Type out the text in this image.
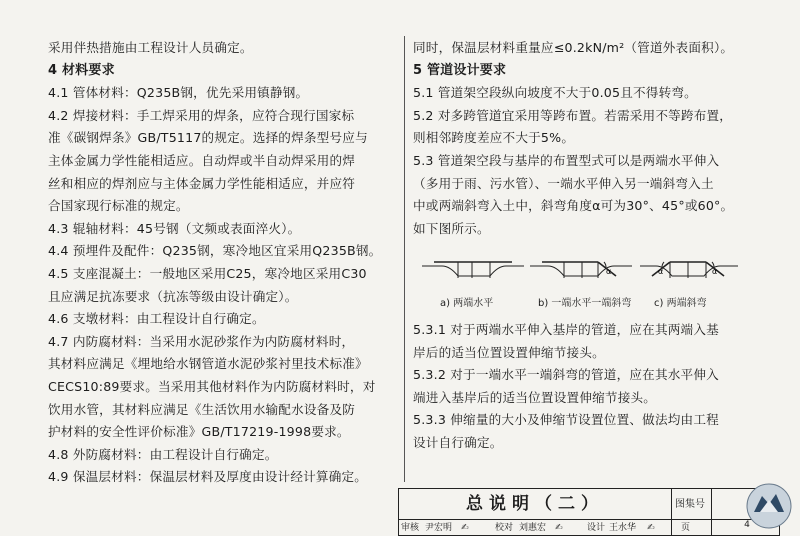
采用伴热措施由工程设计人员确定。
4 材料要求
4.1 管体材料：Q235B钢，优先采用镇静钢。
4.2 焊接材料：手工焊采用的焊条，应符合现行国家标
准《碳钢焊条》GB/T5117的规定。选择的焊条型号应与
主体金属力学性能相适应。自动焊或半自动焊采用的焊
丝和相应的焊剂应与主体金属力学性能相适应，并应符
合国家现行标准的规定。
4.3 辊轴材料：45号钢（文频或表面淬火）。
4.4 预埋件及配件：Q235钢，寒冷地区宜采用Q235B钢。
4.5 支座混凝土：一般地区采用C25，寒冷地区采用C30
且应满足抗冻要求（抗冻等级由设计确定）。
4.6 支墩材料：由工程设计自行确定。
4.7 内防腐材料：当采用水泥砂浆作为内防腐材料时，
其材料应满足《埋地给水钢管道水泥砂浆衬里技术标准》
CECS10:89要求。当采用其他材料作为内防腐材料时，对
饮用水管，其材料应满足《生活饮用水输配水设备及防
护材料的安全性评价标准》GB/T17219-1998要求。
4.8 外防腐材料：由工程设计自行确定。
4.9 保温层材料：保温层材料及厚度由设计经计算确定。
同时，保温层材料重量应≤0.2kN/m²（管道外表面积）。
5 管道设计要求
5.1 管道架空段纵向坡度不大于0.05且不得转弯。
5.2 对多跨管道宜采用等跨布置。若需采用不等跨布置，
则相邻跨度差应不大于5%。
5.3 管道架空段与基岸的布置型式可以是两端水平伸入
（多用于雨、污水管）、一端水平伸入另一端斜弯入土
中或两端斜弯入土中，斜弯角度α可为30°、45°或60°。
如下图所示。
α	α	α
a) 两端水平	b) 一端水平一端斜弯 c) 两端斜弯
5.3.1 对于两端水平伸入基岸的管道，应在其两端入基
岸后的适当位置设置伸缩节接头。
5.3.2 对于一端水平一端斜弯的管道，应在其水平伸入
端进入基岸后的适当位置设置伸缩节接头。
5.3.3 伸缩量的大小及伸缩节设置位置、做法均由工程
设计自行确定。
总说明（二）
审核 尹宏明 ✍	校对 刘惠宏 ✍	设计 王水华 ✍
图集号
页	4
